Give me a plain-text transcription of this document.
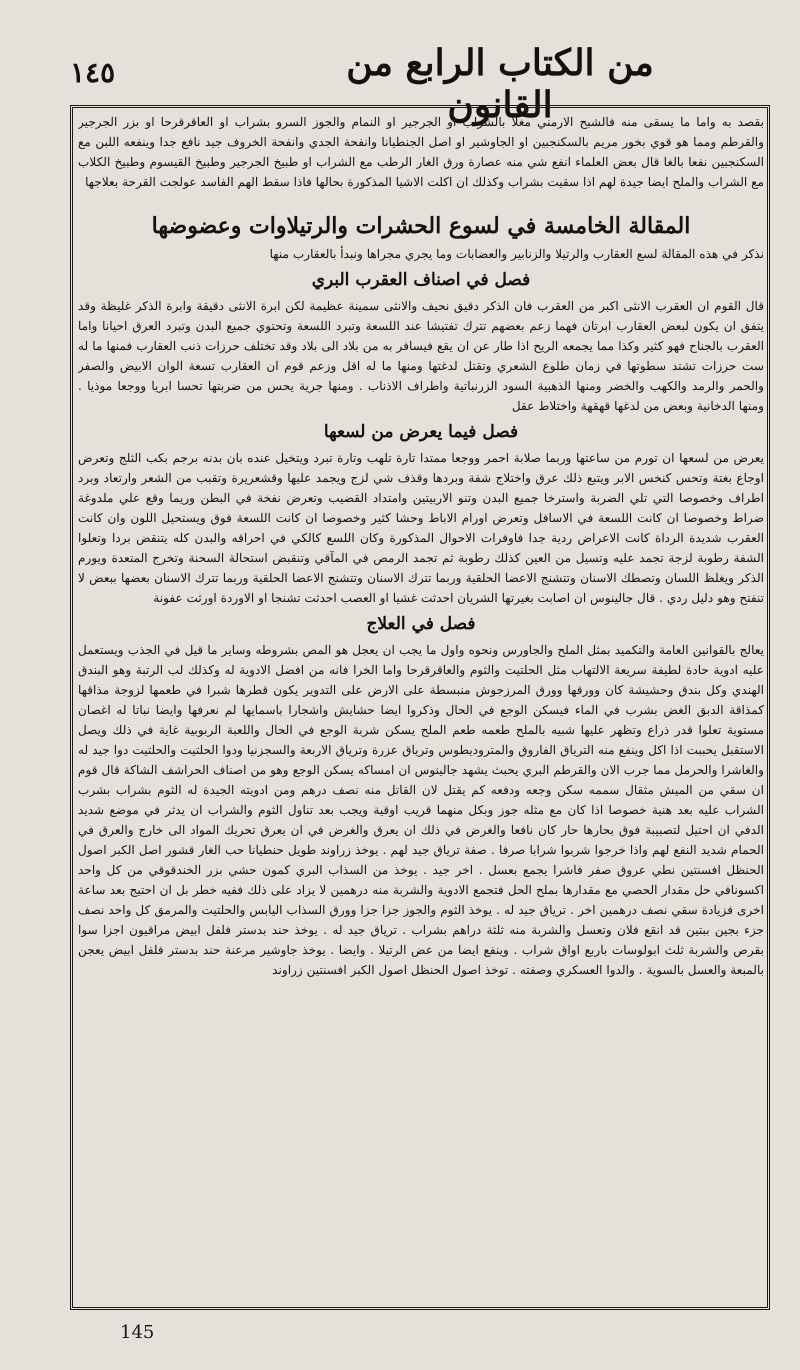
١٤٥	من الكتاب الرابع من القانون

بقصد به واما ما يسقى منه فالشبح الارمني مغلا بالشراب او الجرجير او النمام والجوز السرو بشراب او العاقرقرحا او بزر الجرجير والقرطم ومما هو قوي بخور مريم بالسكنجبين او الجاوشير او اصل الجنطيانا وانفحة الجدي وانفحة الخروف جيد نافع جدا وينفعه اللبن مع السكنجبين نفعا بالغا قال بعض العلماء انفع شي منه عصارة ورق الغار الرطب مع الشراب او طبيخ الجرجير وطبيخ القيسوم وطبيخ الكلاب مع الشراب والملح ايضا جيدة لهم اذا سقيت بشراب وكذلك ان اكلت الاشيا المذكورة بحالها فاذا سقط الهم الفاسد عولجت القرحة بعلاجها

المقالة الخامسة في لسوع الحشرات والرتيلاوات وعضوضها

نذكر في هذه المقالة لسع العقارب والرتيلا والزنابير والعضابات وما يجري مجراها ونبدأ بالعقارب منها

فصل في اصناف العقرب البري

قال القوم ان العقرب الانثى اكبر من العقرب فان الذكر دقيق نحيف والانثى سمينة عظيمة لكن ابرة الانثى دقيقة وابرة الذكر غليظة وقد يتفق ان يكون لبعض العقارب ابرتان فهما زعم بعضهم تترك تفتيشا عند اللسعة وتبرد اللسعة وتحتوي جميع البدن وتبرد العرق احيانا واما العقرب بالجناح فهو كثير وكذا مما يجمعه الريح اذا طار عن ان يقع فيسافر به من بلاد الى بلاد وقد تختلف حرزات ذنب العقارب فمنها ما له ست حرزات تشتد سطوتها في زمان طلوع الشعري وتقتل لدغتها ومنها ما له اقل وزعم قوم ان العقارب تسعة الوان الابيض والصفر والحمر والرمد والكهب والخضر ومنها الذهبية السود الزرنباتية واطراف الاذناب . ومنها جرية يحس من ضربتها تحسا ابريا ووجعا موذيا . ومنها الدخانية وبعض من لدغها قهقهة واختلاط عقل

فصل فيما يعرض من لسعها

يعرض من لسعها ان تورم من ساعتها وربما صلابة احمر ووجعا ممتدا تارة تلهب وتارة تبرد ويتخيل عنده بان بدنه برجم بكب الثلج وتعرض اوجاع بغتة وتحس كنخس الابر ويتبع ذلك عرق واختلاج شفة وبردها وقذف شي لزج ويجمد عليها وقشعريرة وتقبب من الشعر وارتعاد وبرد اطراف وخصوصا التي تلي الضربة واسترخا جميع البدن وتنو الاربيتين وامتداد القضيب وتعرض نفخة في البطن وريما وقع علي ملدوغة ضراط وخصوصا ان كانت اللسعة في الاسافل وتعرض اورام الاباط وحشا كثير وخصوصا ان كانت اللسعة فوق ويستحيل اللون وان كانت العقرب شديدة الرداة كانت الاعراض ردية جدا فاوفرات الاحوال المذكورة وكان اللسع كالكي في احراقه والبدن كله يتنقض بردا وتعلوا الشفة رطوبة لزجة تجمد عليه وتسيل من العين كذلك رطوبة ثم تجمد الرمص في المآقي وتنقبض استحالة السحنة وتخرج المتعدة ويورم الذكر ويغلظ اللسان وتصطك الاسنان وتتشنج الاعضا الحلقية وربما تترك الاسنان وتتشنج الاعضا الحلقية وربما تترك الاسنان بعضها ببعض لا تنفتح وهو دليل ردي . قال جالينوس ان اصابت بغيرتها الشريان احدثت غشيا او العصب احدثت تشنجا او الاوردة اورثت عفونة

فصل في العلاج

يعالج بالقوانين العامة والتكميد بمثل الملح والجاورس ونحوه واول ما يجب ان يعجل هو المص بشروطه وساير ما قيل في الجذب ويستعمل عليه ادوية حادة لطيفة سريعة الالتهاب مثل الحلتيت والثوم والعاقرقرحا واما الخرا فانه من افضل الادوية له وكذلك لب الرتبة وهو البندق الهندي وكل بندق وحشيشة كان وورقها وورق المرزجوش منبسطة على الارض على التدوير يكون قطرها شبرا في طعمها لزوجة مذاقها كمذاقة الدبق الغض بشرب في الماء فيسكن الوجع في الحال وذكروا ايضا حشايش واشجارا باسمايها لم نعرفها وايضا نباتا له اغصان مستوية تعلوا قدر ذراع وتظهر عليها شبيه بالملح طعمه طعم الملح يسكن شربة الوجع في الحال واللعبة الربوبية غاية في ذلك ويصل الاستقبل يحببت اذا اكل وينفع منه الترياق الفاروق والمتروديطوس وترياق عزرة وترياق الاربعة والسجزنيا ودوا الحلتيت والحلتيت دوا جيد له والغاشرا والحرمل مما جرب الان والقرطم البري يحبث يشهد جالينوس ان امساكه يسكن الوجع وهو من اصناف الحراشف الشاكة قال قوم ان سقي من الميش مثقال سممه سكن وجعه ودفعه كم يقتل لان القاتل منه نصف درهم ومن ادويته الجيدة له الثوم بشراب بشرب الشراب عليه بعد هنية خصوصا اذا كان مع مثله جوز وبكل منهما قريب اوقية ويجب بعد تناول الثوم والشراب ان يدثر في موضع شديد الدفي ان احتيل لتصبيبة فوق بحارها حار كان نافعا والغرض في ذلك ان يعرق والغرض في ان يعرق تحريك المواد الى خارج والعرق في الحمام شديد النفع لهم واذا خرجوا شربوا شرابا صرفا . صفة ترياق جيد لهم . يوخذ زراوند طويل حنطيانا حب الغار قشور اصل الكبر اصول الحنظل افسنتين نطي عروق صفر فاشرا يجمع بعسل . اخر جيد . يوخذ من السذاب البري كمون حشي بزر الخندقوقي من كل واحد اكسونافي حل مقدار الحصي مع مقدارها بملح الحل فتجمع الادوية والشربة منه درهمين لا يزاد على ذلك ففيه خطر بل ان احتيج بعد ساعة اخرى فزيادة سقي نصف درهمين اخر . ترياق جيد له . يوخذ الثوم والجوز جزا جزا وورق السذاب اليابس والحلتيت والمرمق كل واحد نصف جزء بجين ببتين قد انقع فلان وتعسل والشربة منه ثلثة دراهم بشراب . ترياق جيد له . يوخذ حند بدستر فلفل ابيض مراقيون اجزا سوا بقرص والشربة ثلث ابولوسات باربع اواق شراب . وينفع ايضا من عض الرتيلا . وايضا . يوخذ جاوشير مرعنة حند بدستر فلفل ابيض يعجن بالمبعة والعسل بالسوية . والدوا العسكري وصفته . توخذ اصول الحنظل اصول الكبر افسنتين زراوند

145
